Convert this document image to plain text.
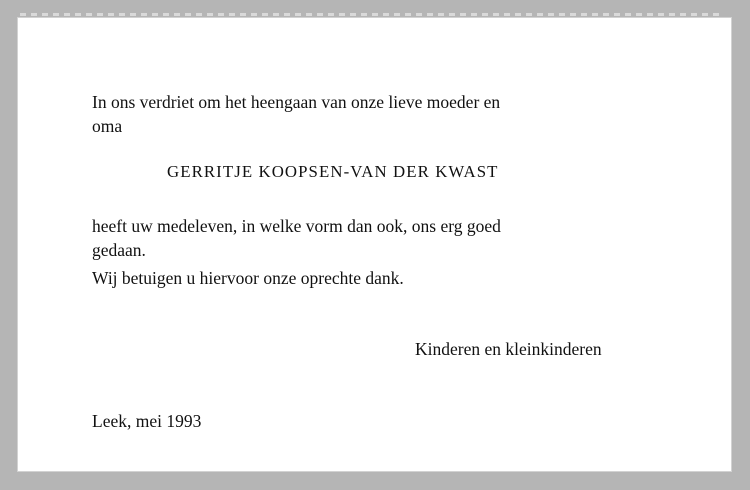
In ons verdriet om het heengaan van onze lieve moeder en
oma
GERRITJE KOOPSEN-VAN DER KWAST
heeft uw medeleven, in welke vorm dan ook, ons erg goed
gedaan.
Wij betuigen u hiervoor onze oprechte dank.
Kinderen en kleinkinderen
Leek, mei 1993
